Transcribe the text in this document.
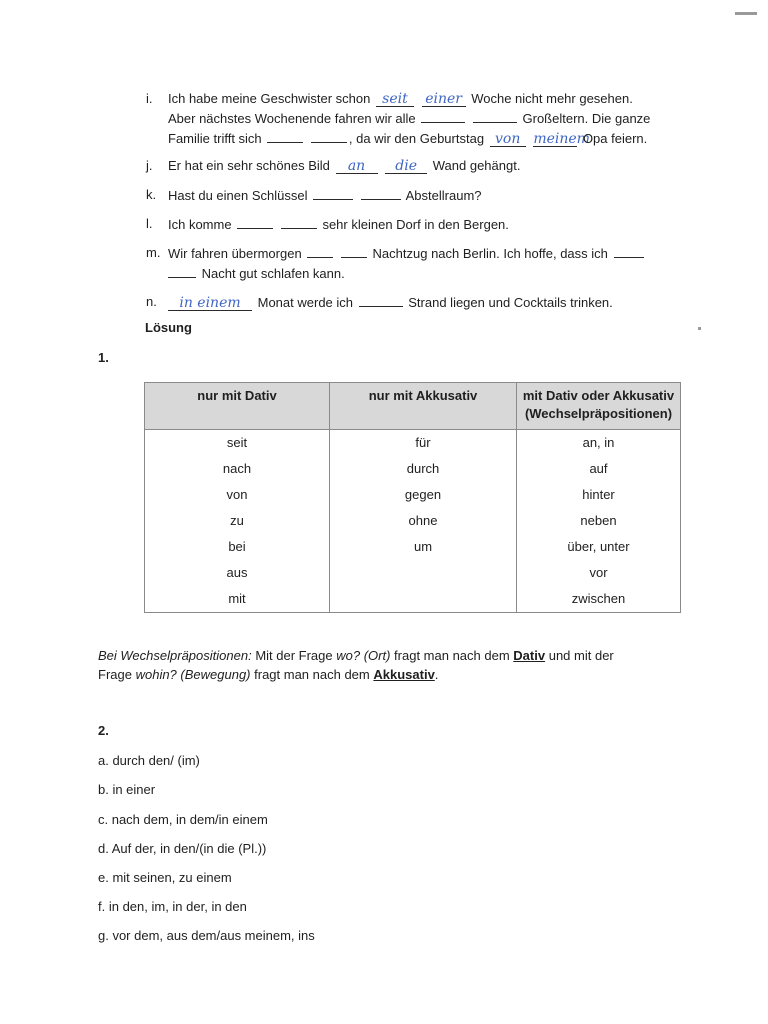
i.	Ich habe meine Geschwister schon seit einer Woche nicht mehr gesehen.
Aber nächstes Wochenende fahren wir alle	Großeltern. Die ganze
Familie trifft sich	, da wir den Geburtstag von meinem Opa feiern.
j.	Er hat ein sehr schönes Bild an die Wand gehängt.
k. Hast du einen Schlüssel	Abstellraum?
l.	Ich komme	sehr kleinen Dorf in den Bergen.
m. Wir fahren übermorgen	Nachtzug nach Berlin. Ich hoffe, dass ich
Nacht gut schlafen kann.
n.	in einem Monat werde ich	Strand liegen und Cocktails trinken.
Lösung
1.
nur mit Dativ	nur mit Akkusativ	mit Dativ oder Akkusativ
(Wechselpräpositionen)
seit	für	an, in
nach	durch	auf
von	gegen	hinter
zu	ohne	neben
bei	um	über, unter
aus		vor
mit		zwischen
Bei Wechselpräpositionen: Mit der Frage wo? (Ort) fragt man nach dem Dativ und mit der
Frage wohin? (Bewegung) fragt man nach dem Akkusativ.
2.
a. durch den/ (im)
b. in einer
c. nach dem, in dem/in einem
d. Auf der, in den/(in die (Pl.))
e. mit seinen, zu einem
f. in den, im, in der, in den
g. vor dem, aus dem/aus meinem, ins
